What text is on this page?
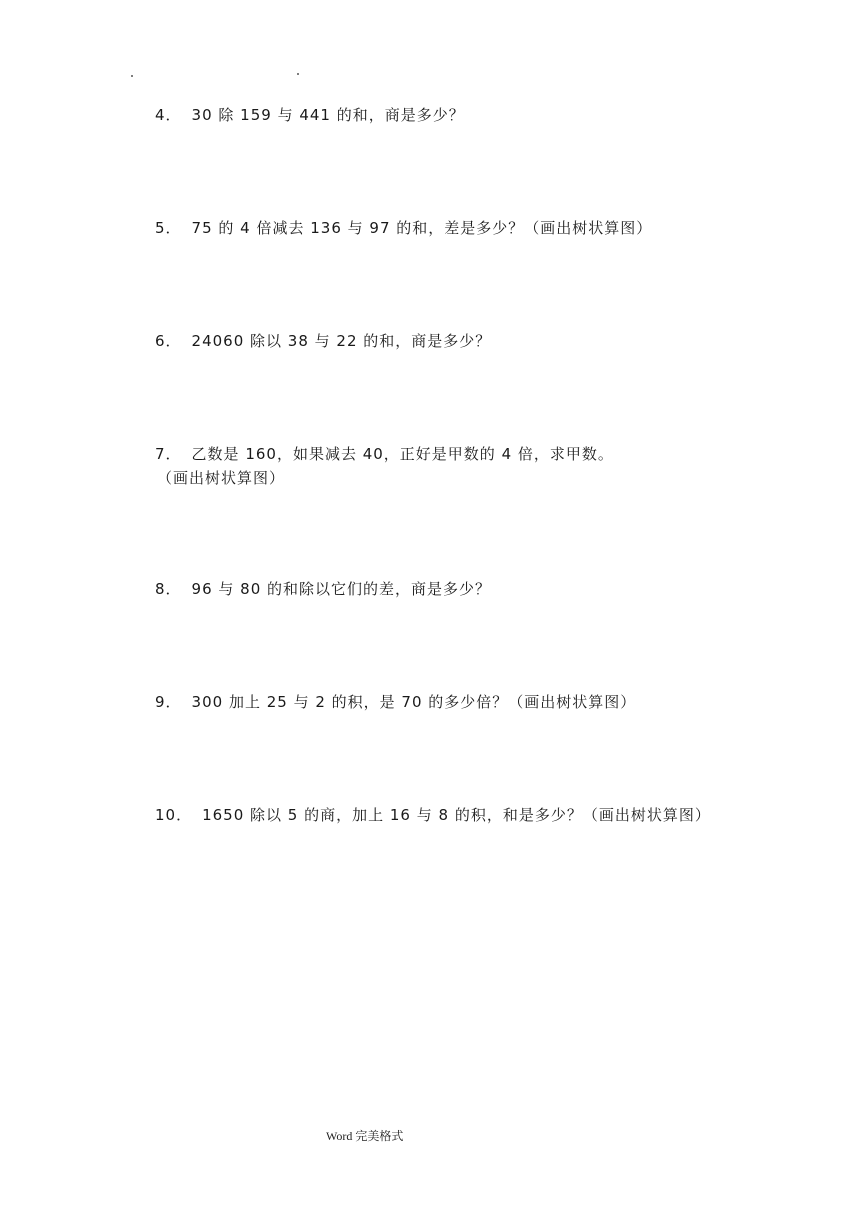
4． 30 除 159 与 441 的和，商是多少？
5． 75 的 4 倍减去 136 与 97 的和，差是多少？（画出树状算图）
6． 24060 除以 38 与 22 的和，商是多少？
7． 乙数是 160，如果减去 40，正好是甲数的 4 倍，求甲数。
（画出树状算图）
8． 96 与 80 的和除以它们的差，商是多少？
9． 300 加上 25 与 2 的积，是 70 的多少倍？（画出树状算图）
10． 1650 除以 5 的商，加上 16 与 8 的积，和是多少？（画出树状算图）
Word 完美格式
